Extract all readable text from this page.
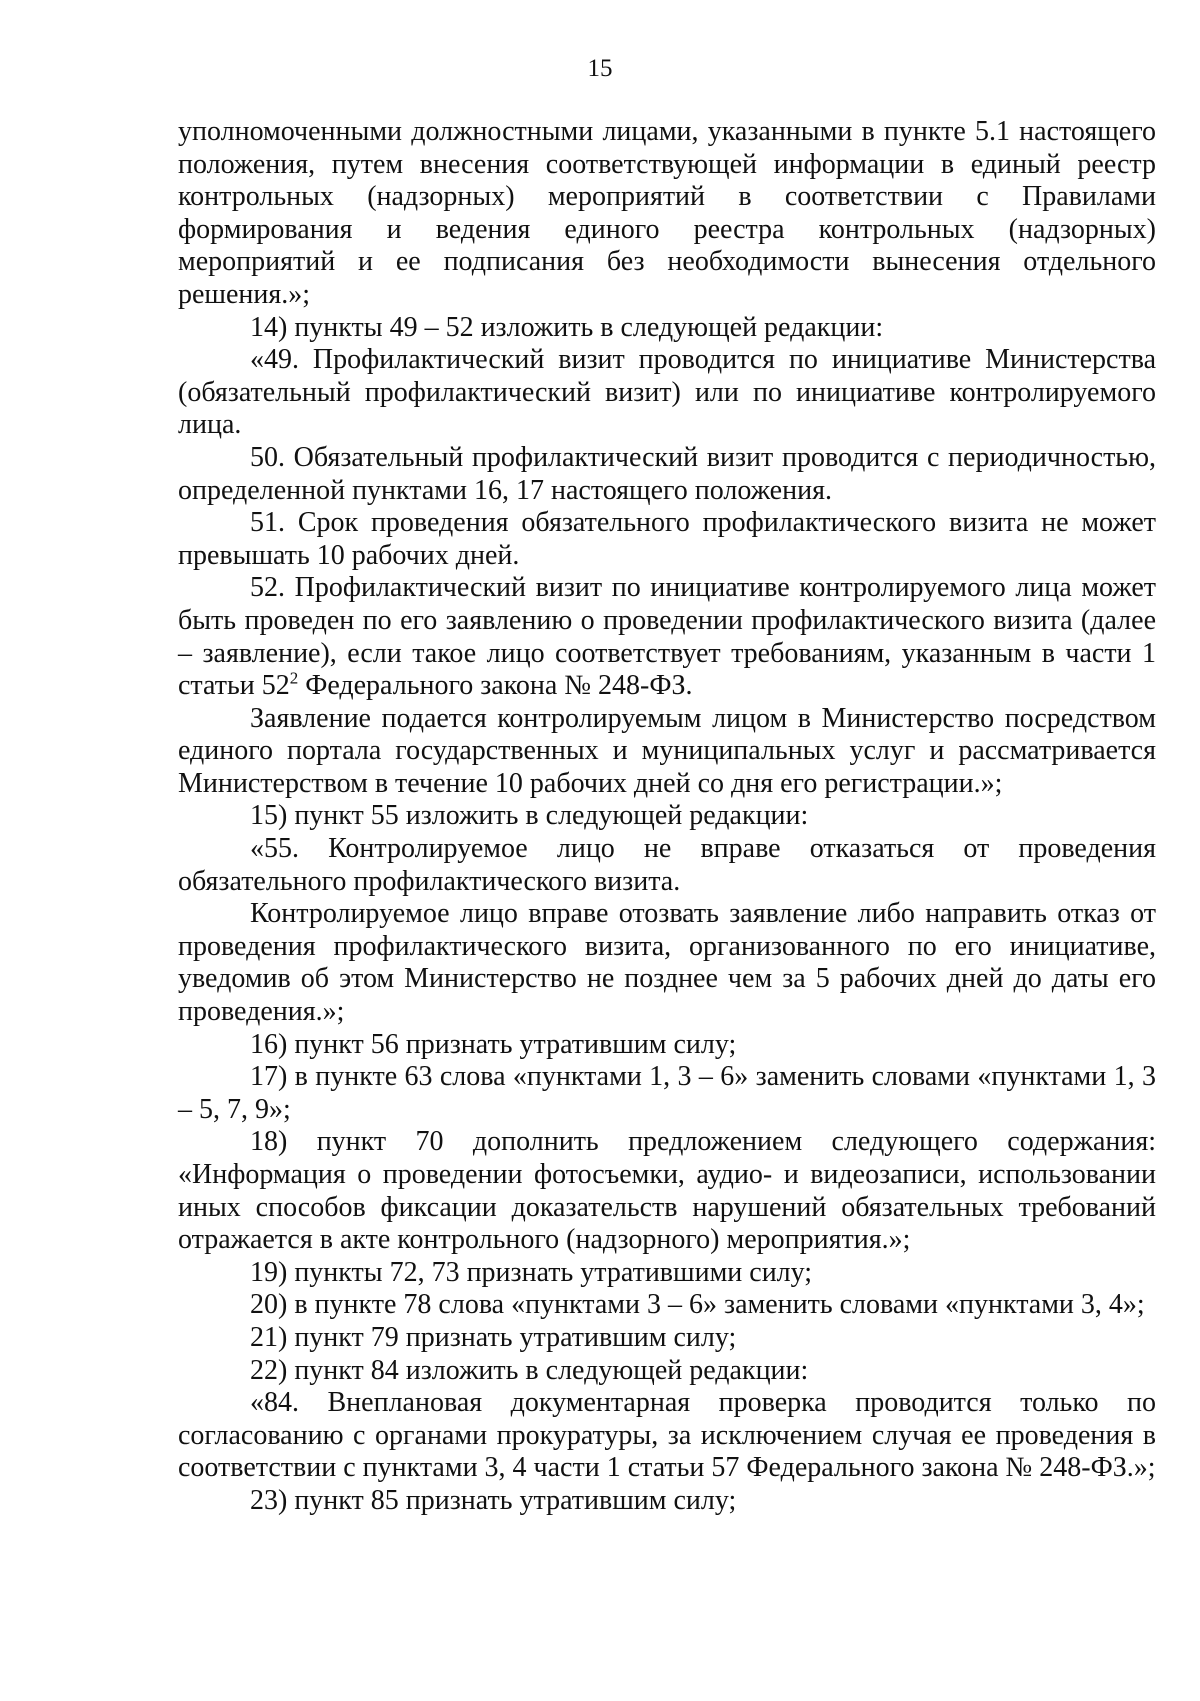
15

уполномоченными должностными лицами, указанными в пункте 5.1 настоящего положения, путем внесения соответствующей информации в единый реестр контрольных (надзорных) мероприятий в соответствии с Правилами формирования и ведения единого реестра контрольных (надзорных) мероприятий и ее подписания без необходимости вынесения отдельного решения.»;

14) пункты 49 – 52 изложить в следующей редакции:

«49. Профилактический визит проводится по инициативе Министерства (обязательный профилактический визит) или по инициативе контролируемого лица.

50. Обязательный профилактический визит проводится с периодичностью, определенной пунктами 16, 17 настоящего положения.

51. Срок проведения обязательного профилактического визита не может превышать 10 рабочих дней.

52. Профилактический визит по инициативе контролируемого лица может быть проведен по его заявлению о проведении профилактического визита (далее – заявление), если такое лицо соответствует требованиям, указанным в части 1 статьи $52^2$ Федерального закона № 248-ФЗ.

Заявление подается контролируемым лицом в Министерство посредством единого портала государственных и муниципальных услуг и рассматривается Министерством в течение 10 рабочих дней со дня его регистрации.»;

15) пункт 55 изложить в следующей редакции:

«55. Контролируемое лицо не вправе отказаться от проведения обязательного профилактического визита.

Контролируемое лицо вправе отозвать заявление либо направить отказ от проведения профилактического визита, организованного по его инициативе, уведомив об этом Министерство не позднее чем за 5 рабочих дней до даты его проведения.»;

16) пункт 56 признать утратившим силу;

17) в пункте 63 слова «пунктами 1, 3 – 6» заменить словами «пунктами 1, 3 – 5, 7, 9»;

18) пункт 70 дополнить предложением следующего содержания: «Информация о проведении фотосъемки, аудио- и видеозаписи, использовании иных способов фиксации доказательств нарушений обязательных требований отражается в акте контрольного (надзорного) мероприятия.»;

19) пункты 72, 73 признать утратившими силу;

20) в пункте 78 слова «пунктами 3 – 6» заменить словами «пунктами 3, 4»;

21) пункт 79 признать утратившим силу;

22) пункт 84 изложить в следующей редакции:

«84. Внеплановая документарная проверка проводится только по согласованию с органами прокуратуры, за исключением случая ее проведения в соответствии с пунктами 3, 4 части 1 статьи 57 Федерального закона № 248-ФЗ.»;

23) пункт 85 признать утратившим силу;
